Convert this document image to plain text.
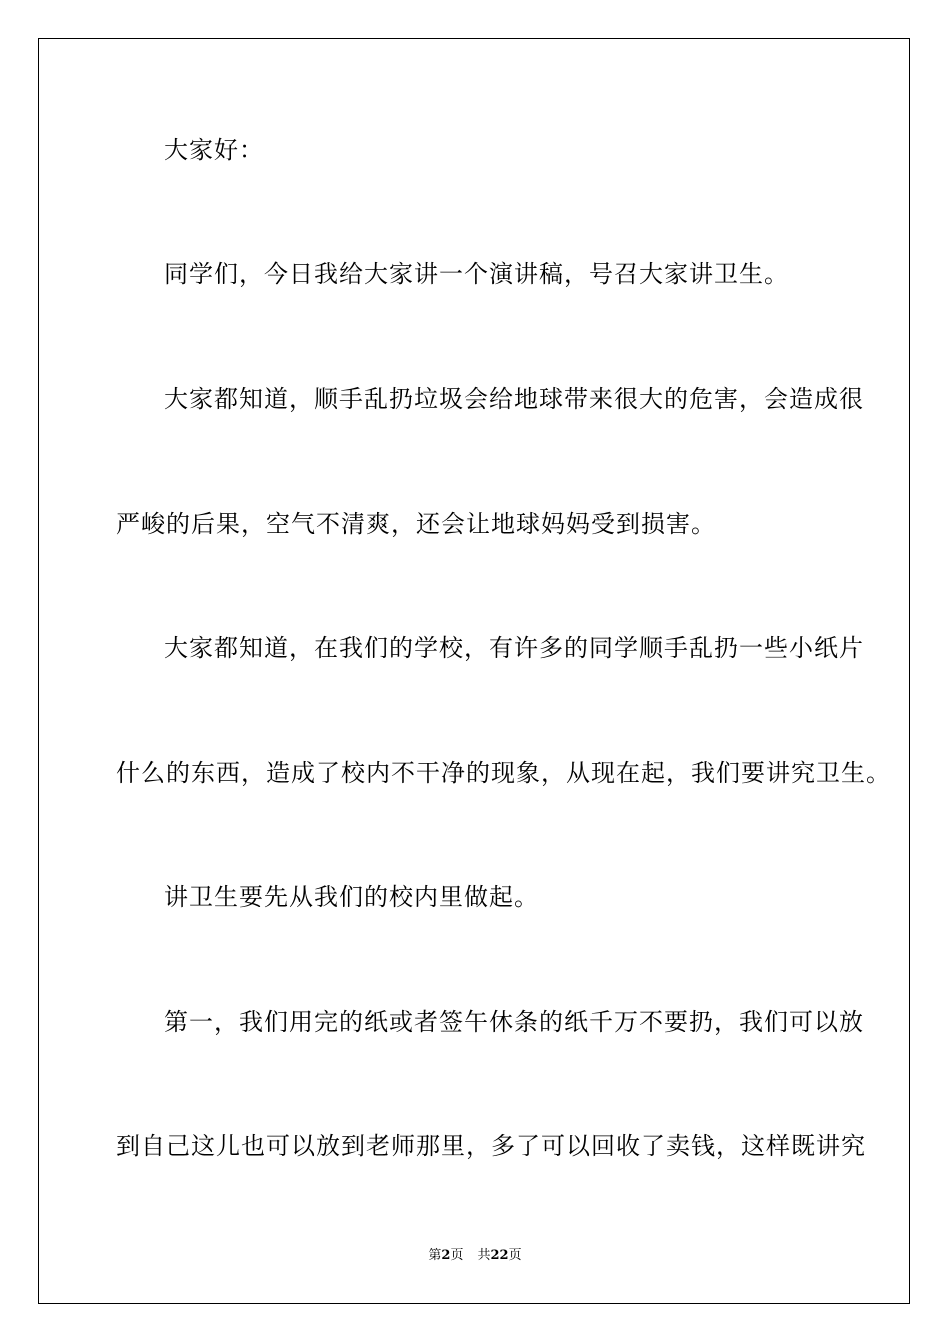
大家好：
同学们，今日我给大家讲一个演讲稿，号召大家讲卫生。
大家都知道，顺手乱扔垃圾会给地球带来很大的危害，会造成很
严峻的后果，空气不清爽，还会让地球妈妈受到损害。
大家都知道，在我们的学校，有许多的同学顺手乱扔一些小纸片
什么的东西，造成了校内不干净的现象，从现在起，我们要讲究卫生。
讲卫生要先从我们的校内里做起。
第一，我们用完的纸或者签午休条的纸千万不要扔，我们可以放
到自己这儿也可以放到老师那里，多了可以回收了卖钱，这样既讲究
第2页 共22页
